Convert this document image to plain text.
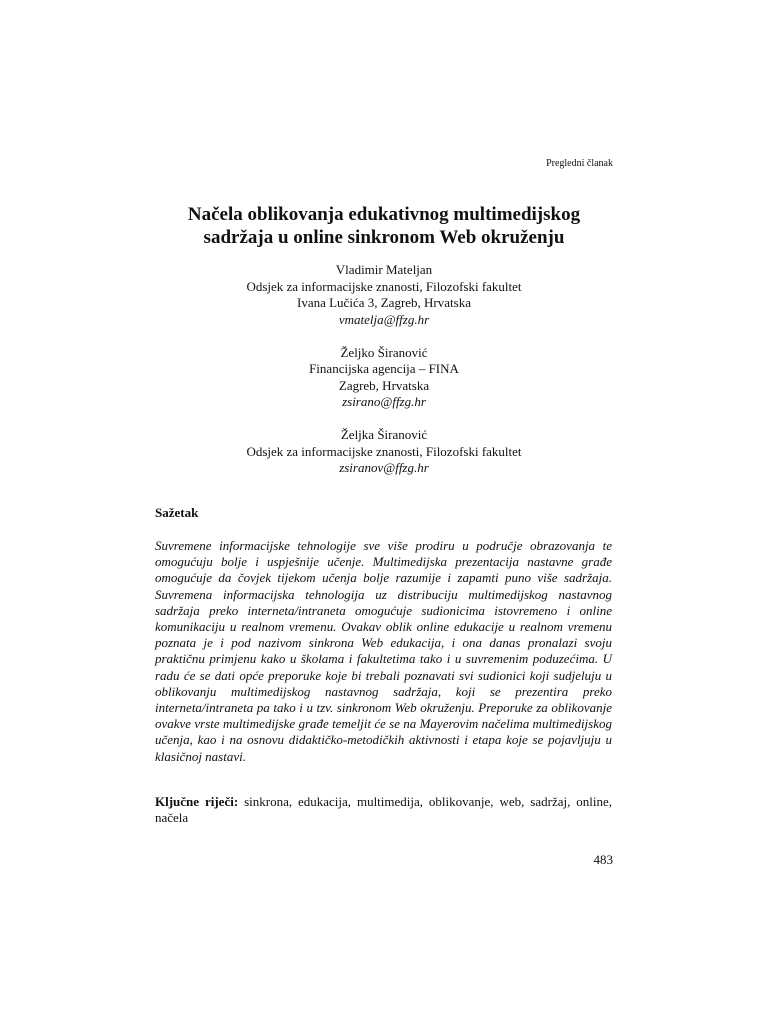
Pregledni članak
Načela oblikovanja edukativnog multimedijskog
sadržaja u online sinkronom Web okruženju
Vladimir Mateljan
Odsjek za informacijske znanosti, Filozofski fakultet
Ivana Lučića 3, Zagreb, Hrvatska
vmatelja@ffzg.hr
Željko Širanović
Financijska agencija – FINA
Zagreb, Hrvatska
zsirano@ffzg.hr
Željka Širanović
Odsjek za informacijske znanosti, Filozofski fakultet
zsiranov@ffzg.hr
Sažetak

Suvremene informacijske tehnologije sve više prodiru u područje obrazovanja te omogućuju bolje i uspješnije učenje. Multimedijska prezentacija nastavne građe omogućuje da čovjek tijekom učenja bolje razumije i zapamti puno više sadržaja. Suvremena informacijska tehnologija uz distribuciju multimedijskog nastavnog sadržaja preko interneta/intraneta omogućuje sudionicima istovremeno i online komunikaciju u realnom vremenu. Ovakav oblik online edukacije u realnom vremenu poznata je i pod nazivom sinkrona Web edukacija, i ona danas pronalazi svoju praktičnu primjenu kako u školama i fakultetima tako i u suvremenim poduzećima. U radu će se dati opće preporuke koje bi trebali poznavati svi sudionici koji sudjeluju u oblikovanju multimedijskog nastavnog sadržaja, koji se prezentira preko interneta/intraneta pa tako i u tzv. sinkronom Web okruženju. Preporuke za oblikovanje ovakve vrste multimedijske građe temeljit će se na Mayerovim načelima multimedijskog učenja, kao i na osnovu didaktičko-metodičkih aktivnosti i etapa koje se pojavljuju u klasičnoj nastavi.

Ključne riječi: sinkrona, edukacija, multimedija, oblikovanje, web, sadržaj, online, načela

483
